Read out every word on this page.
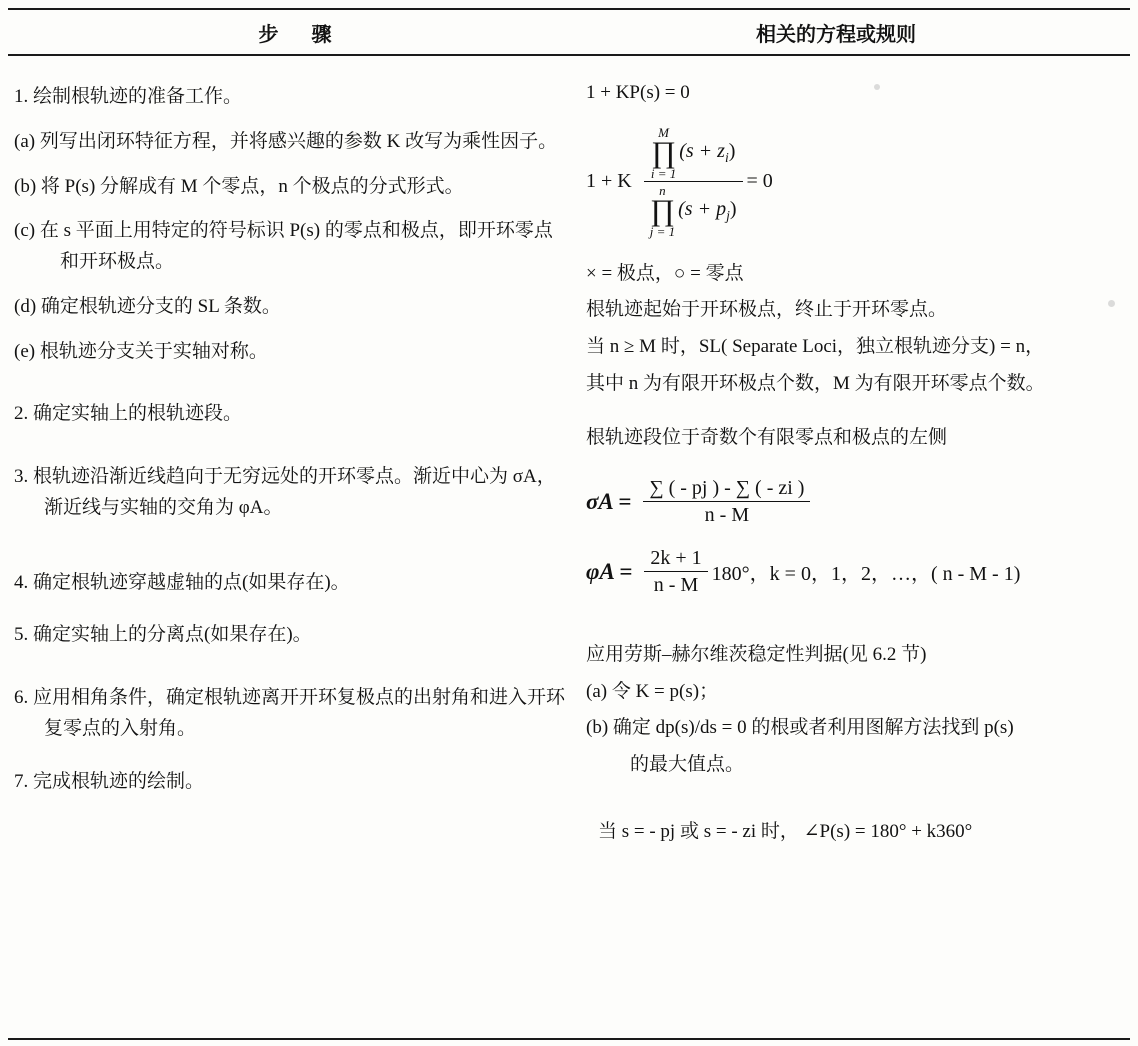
步 骤	相关的方程或规则
1. 绘制根轨迹的准备工作。
(a) 列写出闭环特征方程，并将感兴趣的参数 K 改写为乘性因子。
(b) 将 P(s) 分解成有 M 个零点，n 个极点的分式形式。
(c) 在 s 平面上用特定的符号标识 P(s) 的零点和极点，即开环零点和开环极点。
(d) 确定根轨迹分支的 SL 条数。
(e) 根轨迹分支关于实轴对称。
2. 确定实轴上的根轨迹段。
3. 根轨迹沿渐近线趋向于无穷远处的开环零点。渐近中心为 σA，渐近线与实轴的交角为 φA。
4. 确定根轨迹穿越虚轴的点(如果存在)。
5. 确定实轴上的分离点(如果存在)。
6. 应用相角条件，确定根轨迹离开开环复极点的出射角和进入开环复零点的入射角。
7. 完成根轨迹的绘制。
1 + KP(s) = 0
1 + K
M
∏
i = 1
$(s + z_i)$
n
∏
j = 1
$(s + p_j)$
= 0
× = 极点，○ = 零点
根轨迹起始于开环极点，终止于开环零点。
当 n ≥ M 时，SL( Separate Loci，独立根轨迹分支) = n，
其中 n 为有限开环极点个数，M 为有限开环零点个数。
根轨迹段位于奇数个有限零点和极点的左侧
$\sigma A = \frac{\sum ( - pj ) - \sum ( - zi )}{n - M}$
$\varphi A = \frac{2k + 1}{n - M} 180^\circ$，k = 0，1，2，…，( n - M - 1)
应用劳斯–赫尔维茨稳定性判据(见 6.2 节)
(a) 令 K = p(s)；
(b) 确定 dp(s)/ds = 0 的根或者利用图解方法找到 p(s)
的最大值点。
当 s = - pj 或 s = - zi 时， ∠P(s) = 180° + k360°
